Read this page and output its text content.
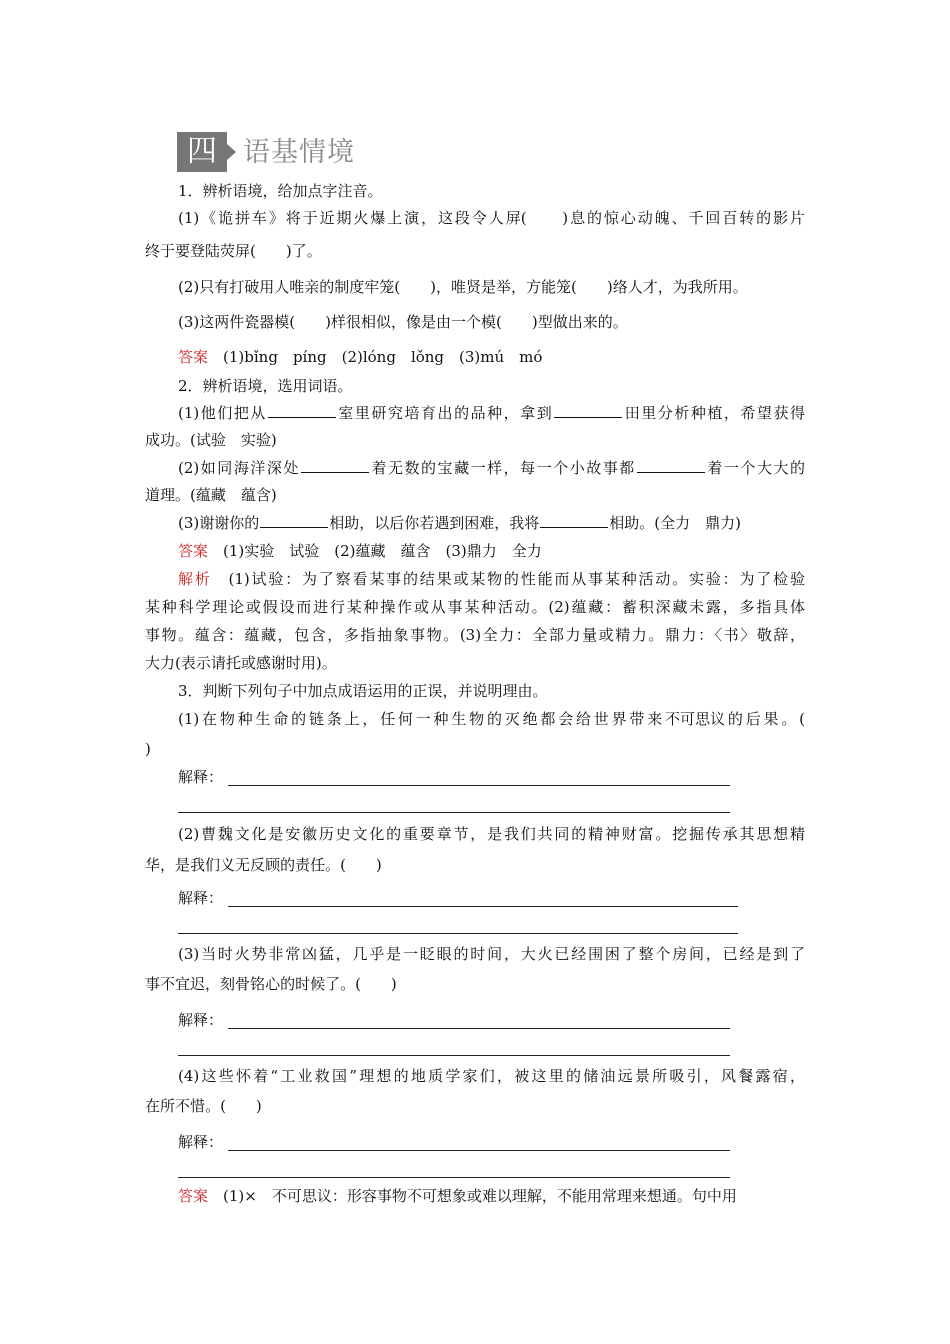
四 语基情境
1．辨析语境，给加点字注音。
(1)《诡拼车》将于近期火爆上演，这段令人屏(　　)息的惊心动魄、千回百转的影片
终于要登陆荧屏(　　)了。
(2)只有打破用人唯亲的制度牢笼(　　)，唯贤是举，方能笼(　　)络人才，为我所用。
(3)这两件瓷器模(　　)样很相似，像是由一个模(　　)型做出来的。
答案　 (1)bǐng　píng　(2)lóng　lǒng　(3)mú　mó
2．辨析语境，选用词语。
(1)他们把从	室里研究培育出的品种，拿到	田里分析种植，希望获得
成功。(试验　实验)
(2)如同海洋深处	着无数的宝藏一样，每一个小故事都	着一个大大的
道理。(蕴藏　蕴含)
(3)谢谢你的	相助，以后你若遇到困难，我将	相助。(全力　鼎力)
答案　 (1)实验　试验　(2)蕴藏　蕴含　(3)鼎力　全力
解析　 (1)试验：为了察看某事的结果或某物的性能而从事某种活动。实验：为了检验
某种科学理论或假设而进行某种操作或从事某种活动。(2)蕴藏：蓄积深藏未露，多指具体
事物。蕴含：蕴藏，包含，多指抽象事物。(3)全力：全部力量或精力。鼎力：〈书〉敬辞，
大力(表示请托或感谢时用)。
3．判断下列句子中加点成语运用的正误，并说明理由。
(1)在物种生命的链条上，任何一种生物的灭绝都会给世界带来不可思议的后果。(
)
解释：
(2)曹魏文化是安徽历史文化的重要章节，是我们共同的精神财富。挖掘传承其思想精
华，是我们义无反顾的责任。(　　)
解释：
(3)当时火势非常凶猛，几乎是一眨眼的时间，大火已经围困了整个房间，已经是到了
事不宜迟，刻骨铭心的时候了。(　　)
解释：
(4)这些怀着“工业救国”理想的地质学家们，被这里的储油远景所吸引，风餐露宿，
在所不惜。(　　)
解释：
答案　 (1)×　不可思议：形容事物不可想象或难以理解，不能用常理来想通。句中用
